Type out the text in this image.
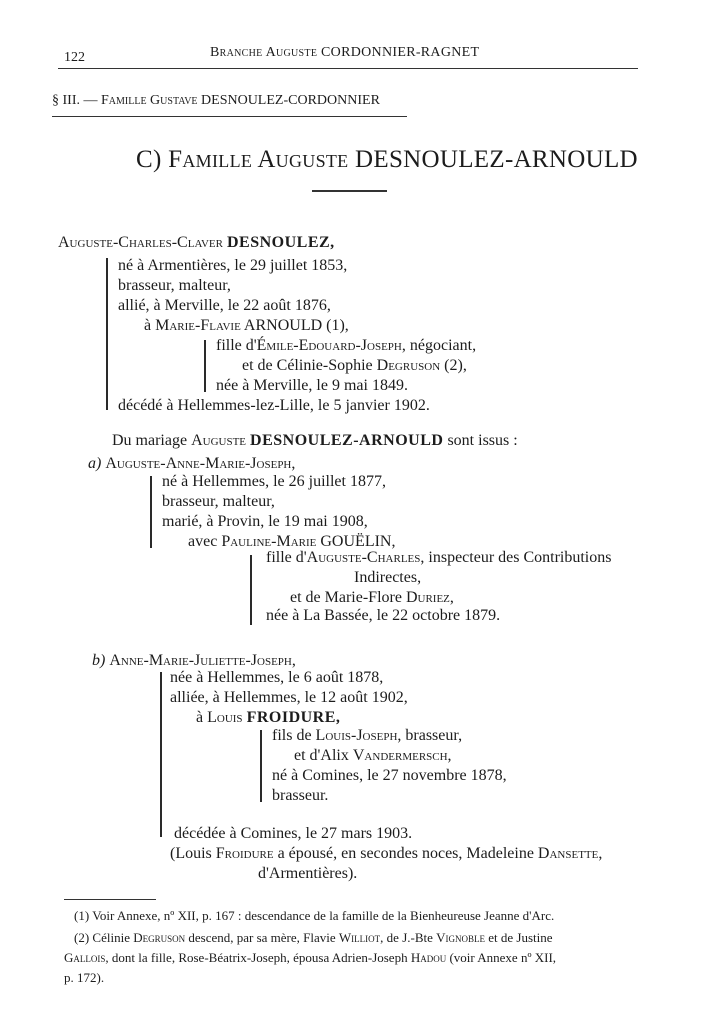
122	Branche Auguste CORDONNIER-RAGNET
§ III. — Famille Gustave DESNOULEZ-CORDONNIER
C) Famille Auguste DESNOULEZ-ARNOULD
Auguste-Charles-Claver DESNOULEZ,
né à Armentières, le 29 juillet 1853,
brasseur, malteur,
allié, à Merville, le 22 août 1876,
à Marie-Flavie ARNOULD (1),
fille d'Émile-Edouard-Joseph, négociant,
et de Célinie-Sophie Degruson (2),
née à Merville, le 9 mai 1849.
décédé à Hellemmes-lez-Lille, le 5 janvier 1902.
Du mariage Auguste DESNOULEZ-ARNOULD sont issus :
a) Auguste-Anne-Marie-Joseph,
né à Hellemmes, le 26 juillet 1877,
brasseur, malteur,
marié, à Provin, le 19 mai 1908,
avec Pauline-Marie GOUËLIN,
fille d'Auguste-Charles, inspecteur des Contributions
Indirectes,
et de Marie-Flore Duriez,
née à La Bassée, le 22 octobre 1879.
b) Anne-Marie-Juliette-Joseph,
née à Hellemmes, le 6 août 1878,
alliée, à Hellemmes, le 12 août 1902,
à Louis FROIDURE,
fils de Louis-Joseph, brasseur,
et d'Alix Vandermersch,
né à Comines, le 27 novembre 1878,
brasseur.
décédée à Comines, le 27 mars 1903.
(Louis Froidure a épousé, en secondes noces, Madeleine Dansette,
d'Armentières).
(1) Voir Annexe, nº XII, p. 167 : descendance de la famille de la Bienheureuse Jeanne d'Arc.
(2) Célinie Degruson descend, par sa mère, Flavie Williot, de J.-Bte Vignoble et de Justine
Gallois, dont la fille, Rose-Béatrix-Joseph, épousa Adrien-Joseph Hadou (voir Annexe nº XII,
p. 172).
